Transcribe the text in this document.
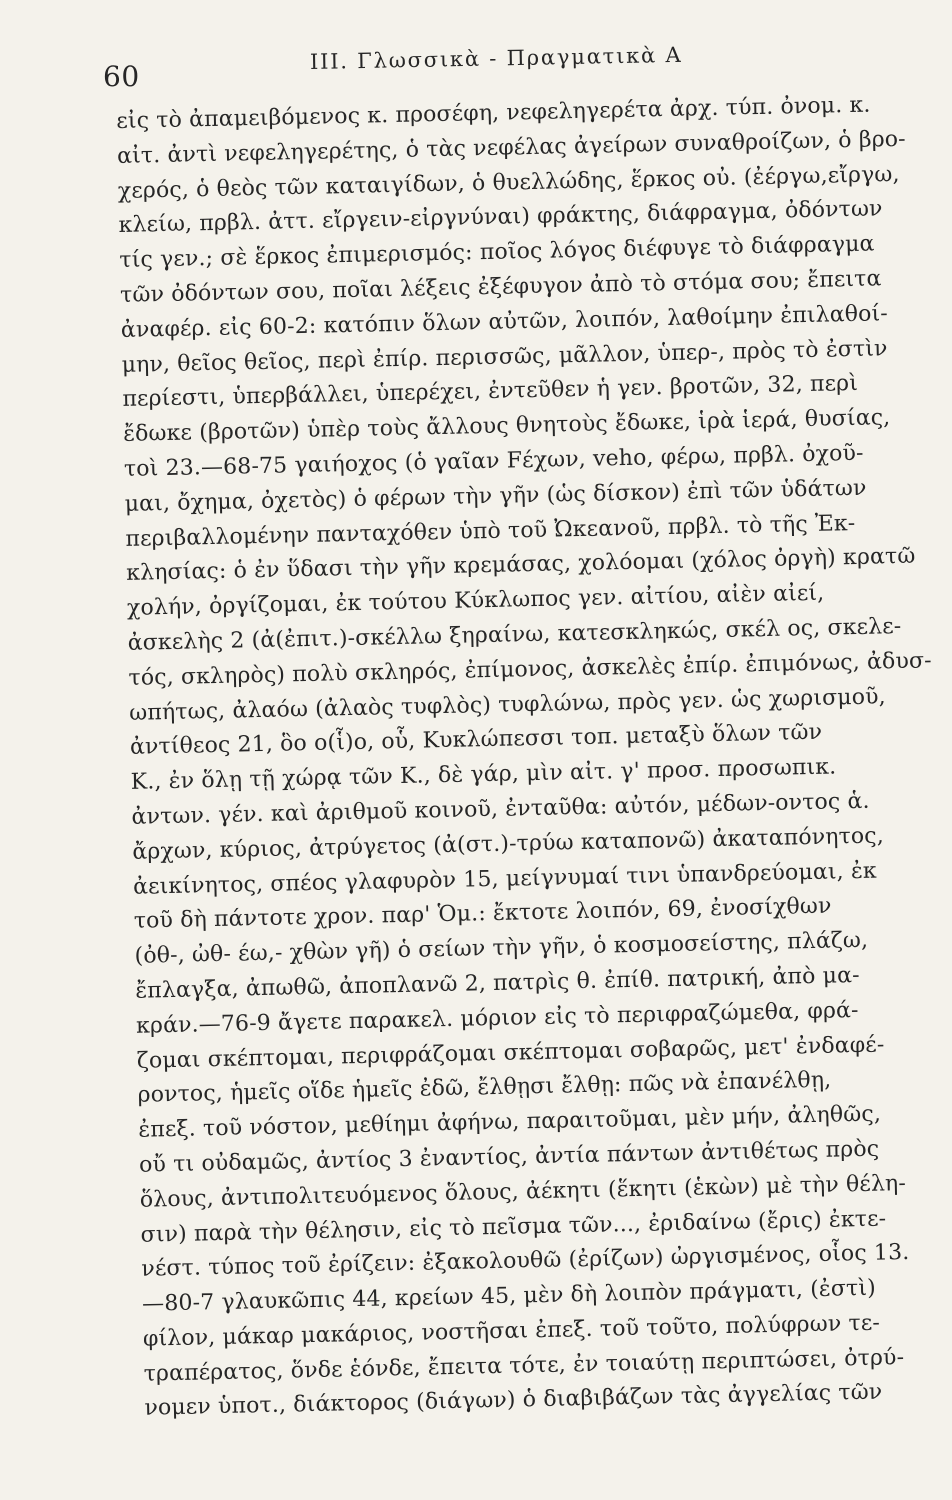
60
ΙΙΙ. Γλωσσικὰ - Πραγματικὰ Α
εἰς τὸ ἀπαμειβόμενος κ. προσέφη, νεφεληγερέτα ἀρχ. τύπ. ὀνομ. κ.
αἰτ. ἀντὶ νεφεληγερέτης, ὁ τὰς νεφέλας ἀγείρων συναθροίζων, ὁ βρο-
χερός, ὁ θεὸς τῶν καταιγίδων, ὁ θυελλώδης, ἕρκος οὐ. (ἐέργω,εἴργω,
κλείω, πρβλ. ἀττ. εἴργειν-εἰργνύναι) φράκτης, διάφραγμα, ὀδόντων
τίς γεν.; σὲ ἕρκος ἐπιμερισμός: ποῖος λόγος διέφυγε τὸ διάφραγμα
τῶν ὀδόντων σου, ποῖαι λέξεις ἐξέφυγον ἀπὸ τὸ στόμα σου; ἔπειτα
ἀναφέρ. εἰς 60-2: κατόπιν ὅλων αὐτῶν, λοιπόν, λαθοίμην ἐπιλαθοί-
μην, θεῖος θεῖος, περὶ ἐπίρ. περισσῶς, μᾶλλον, ὑπερ-, πρὸς τὸ ἐστὶν
περίεστι, ὑπερβάλλει, ὑπερέχει, ἐντεῦθεν ἡ γεν. βροτῶν, 32, περὶ
ἔδωκε (βροτῶν) ὑπὲρ τοὺς ἄλλους θνητοὺς ἔδωκε, ἱρὰ ἱερά, θυσίας,
τοὶ 23.—68-75 γαιήοχος (ὁ γαῖαν Fέχων, veho, φέρω, πρβλ. ὀχοῦ-
μαι, ὄχημα, ὀχετὸς) ὁ φέρων τὴν γῆν (ὡς δίσκον) ἐπὶ τῶν ὑδάτων
περιβαλλομένην πανταχόθεν ὑπὸ τοῦ Ὠκεανοῦ, πρβλ. τὸ τῆς Ἐκ-
κλησίας: ὁ ἐν ὕδασι τὴν γῆν κρεμάσας, χολόομαι (χόλος ὀργὴ) κρατῶ
χολήν, ὀργίζομαι, ἐκ τούτου Κύκλωπος γεν. αἰτίου, αἰὲν αἰεί,
ἀσκελὴς 2 (ἀ(ἐπιτ.)-σκέλλω ξηραίνω, κατεσκληκώς, σκέλ ος, σκελε-
τός, σκληρὸς) πολὺ σκληρός, ἐπίμονος, ἀσκελὲς ἐπίρ. ἐπιμόνως, ἀδυσ-
ωπήτως, ἀλαόω (ἀλαὸς τυφλὸς) τυφλώνω, πρὸς γεν. ὡς χωρισμοῦ,
ἀντίθεος 21, ὃο ο(ἷ)ο, οὗ, Κυκλώπεσσι τοπ. μεταξὺ ὅλων τῶν
Κ., ἐν ὅλῃ τῇ χώρᾳ τῶν Κ., δὲ γάρ, μὶν αἰτ. γ' προσ. προσωπικ.
ἀντων. γέν. καὶ ἀριθμοῦ κοινοῦ, ἐνταῦθα: αὐτόν, μέδων-οντος ἁ.
ἄρχων, κύριος, ἀτρύγετος (ἀ(στ.)-τρύω καταπονῶ) ἀκαταπόνητος,
ἀεικίνητος, σπέος γλαφυρὸν 15, μείγνυμαί τινι ὑπανδρεύομαι, ἐκ
τοῦ δὴ πάντοτε χρον. παρ' Ὁμ.: ἔκτοτε λοιπόν, 69, ἐνοσίχθων
(ὀθ-, ὠθ- έω,- χθὼν γῆ) ὁ σείων τὴν γῆν, ὁ κοσμοσείστης, πλάζω,
ἔπλαγξα, ἀπωθῶ, ἀποπλανῶ 2, πατρὶς θ. ἐπίθ. πατρική, ἀπὸ μα-
κράν.—76-9 ἄγετε παρακελ. μόριον εἰς τὸ περιφραζώμεθα, φρά-
ζομαι σκέπτομαι, περιφράζομαι σκέπτομαι σοβαρῶς, μετ' ἐνδαφέ-
ροντος, ἡμεῖς οἵδε ἡμεῖς ἐδῶ, ἔλθῃσι ἔλθῃ: πῶς νὰ ἐπανέλθῃ,
ἐπεξ. τοῦ νόστον, μεθίημι ἀφήνω, παραιτοῦμαι, μὲν μήν, ἀληθῶς,
οὔ τι οὐδαμῶς, ἀντίος 3 ἐναντίος, ἀντία πάντων ἀντιθέτως πρὸς
ὅλους, ἀντιπολιτευόμενος ὅλους, ἀέκητι (ἕκητι (ἑκὼν) μὲ τὴν θέλη-
σιν) παρὰ τὴν θέλησιν, εἰς τὸ πεῖσμα τῶν..., ἐριδαίνω (ἔρις) ἐκτε-
νέστ. τύπος τοῦ ἐρίζειν: ἐξακολουθῶ (ἐρίζων) ὠργισμένος, οἷος 13.
—80-7 γλαυκῶπις 44, κρείων 45, μὲν δὴ λοιπὸν πράγματι, (ἐστὶ)
φίλον, μάκαρ μακάριος, νοστῆσαι ἐπεξ. τοῦ τοῦτο, πολύφρων τε-
τραπέρατος, ὅνδε ἑόνδε, ἔπειτα τότε, ἐν τοιαύτῃ περιπτώσει, ὀτρύ-
νομεν ὑποτ., διάκτορος (διάγων) ὁ διαβιβάζων τὰς ἀγγελίας τῶν
